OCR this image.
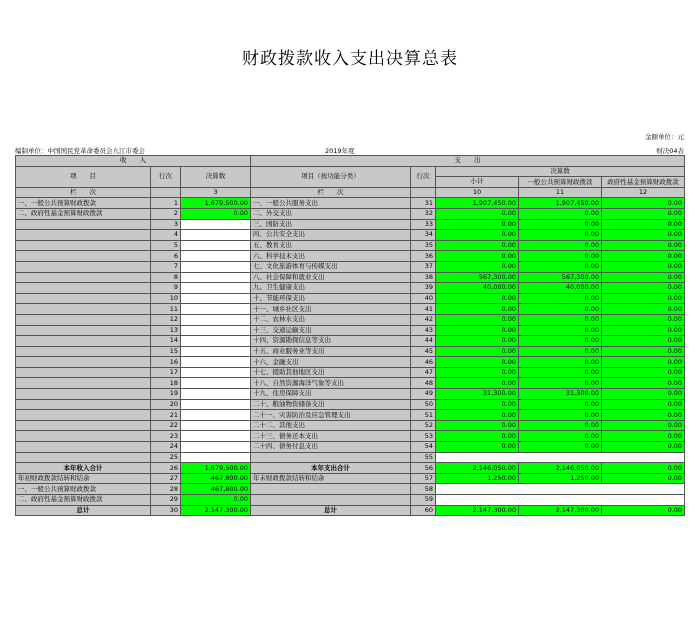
财政拨款收入支出决算总表
金额单位：元
财决04表
编制单位：中国国民党革命委员会九江市委会	2019年度
收　　入			支　　出				
项　　目	行次	决算数	项目（按功能分类）	行次	决算数		
					小计	一般公共预算财政拨款	政府性基金预算财政拨款

栏　　次		3	栏　　次		10	11	12
一、一般公共预算财政拨款	1	1,679,500.00	一、一般公共服务支出	31	1,907,450.00	1,907,450.00	0.00
二、政府性基金预算财政拨款	2	0.00	二、外交支出	32	0.00	0.00	0.00
	3		三、国防支出	33	0.00	0.00	0.00
	4		四、公共安全支出	34	0.00	0.00	0.00
	5		五、教育支出	35	0.00	0.00	0.00
	6		六、科学技术支出	36	0.00	0.00	0.00
	7		七、文化旅游体育与传媒支出	37	0.00	0.00	0.00
	8		八、社会保障和就业支出	38	567,300.00	567,300.00	0.00
	9		九、卫生健康支出	39	40,000.00	40,000.00	0.00
	10		十、节能环保支出	40	0.00	0.00	0.00
	11		十一、城乡社区支出	41	0.00	0.00	0.00
	12		十二、农林水支出	42	0.00	0.00	0.00
	13		十三、交通运输支出	43	0.00	0.00	0.00
	14		十四、资源勘探信息等支出	44	0.00	0.00	0.00
	15		十五、商业服务业等支出	45	0.00	0.00	0.00
	16		十六、金融支出	46	0.00	0.00	0.00
	17		十七、援助其他地区支出	47	0.00	0.00	0.00
	18		十八、自然资源海洋气象等支出	48	0.00	0.00	0.00
	19		十九、住房保障支出	49	31,300.00	31,300.00	0.00
	20		二十、粮油物资储备支出	50	0.00	0.00	0.00
	21		二十一、灾害防治及应急管理支出	51	0.00	0.00	0.00
	22		二十二、其他支出	52	0.00	0.00	0.00
	23		二十三、债务还本支出	53	0.00	0.00	0.00
	24		二十四、债务付息支出	54	0.00	0.00	0.00
	25			55			
本年收入合计	26	1,679,500.00	本年支出合计	56	2,146,050.00	2,146,050.00	0.00
年初财政拨款结转和结余	27	467,800.00	年末财政拨款结转和结余	57	1,250.00	1,250.00	0.00
一、一般公共预算财政拨款	28	467,800.00		58			
二、政府性基金预算财政拨款	29	0.00		59			
总计	30	2,147,300.00	总计	60	2,147,300.00	2,147,300.00	0.00
